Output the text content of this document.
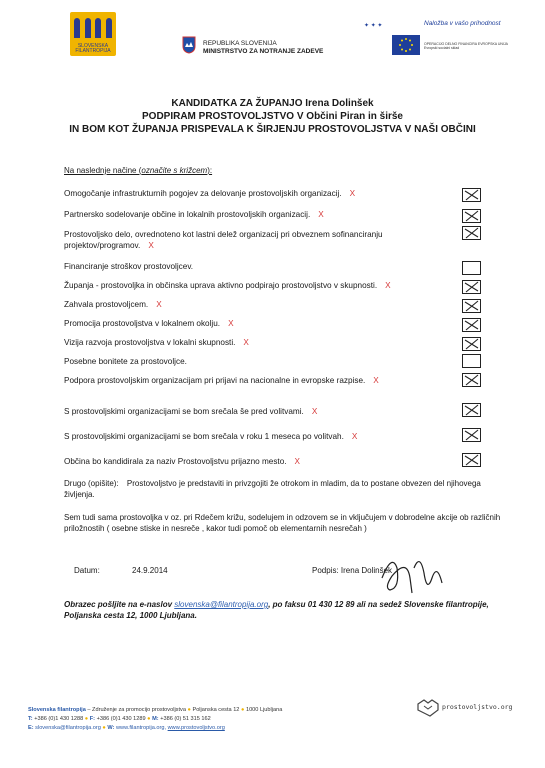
SLOVENSKA FILANTROPIJA
REPUBLIKA SLOVENIJA
MINISTRSTVO ZA NOTRANJE ZADEVE
✦ ✦ ✦	Naložba v vašo prihodnost
OPERACIJO DELNO FINANCIRA EVROPSKA UNIJA
Evropski socialni sklad
KANDIDATKA ZA ŽUPANJO Irena Dolinšek
PODPIRAM PROSTOVOLJSTVO V Občini Piran in širše
IN BOM KOT ŽUPANJA PRISPEVALA K ŠIRJENJU PROSTOVOLJSTVA V NAŠI OBČINI
Na naslednje načine (označite s križcem):
Omogočanje infrastrukturnih pogojev za delovanje prostovoljskih organizacij. X
Partnersko sodelovanje občine in lokalnih prostovoljskih organizacij. X
Prostovoljsko delo, ovrednoteno kot lastni delež organizacij pri obveznem sofinanciranju projektov/programov. X
Financiranje stroškov prostovoljcev.
Županja - prostovoljka in občinska uprava aktivno podpirajo prostovoljstvo v skupnosti. X
Zahvala prostovoljcem. X
Promocija prostovoljstva v lokalnem okolju. X
Vizija razvoja prostovoljstva v lokalni skupnosti. X
Posebne bonitete za prostovoljce.
Podpora prostovoljskim organizacijam pri prijavi na nacionalne in evropske razpise. X
S prostovoljskimi organizacijami se bom srečala še pred volitvami. X
S prostovoljskimi organizacijami se bom srečala v roku 1 meseca po volitvah. X
Občina bo kandidirala za naziv Prostovoljstvu prijazno mesto. X
Drugo (opišite): Prostovoljstvo je predstaviti in privzgojiti že otrokom in mladim, da to postane obvezen del njihovega življenja.
Sem tudi sama prostovoljka v oz. pri Rdečem križu, sodelujem in odzovem se in vključujem v dobrodelne akcije ob različnih priložnostih ( osebne stiske in nesreče , kakor tudi pomoč ob elementarnih nesrečah )
Datum:	24.9.2014	Podpis: Irena Dolinšek
Obrazec pošljite na e-naslov slovenska@filantropija.org, po faksu 01 430 12 89 ali na sedež Slovenske filantropije, Poljanska cesta 12, 1000 Ljubljana.
Slovenska filantropija – Združenje za promocijo prostovoljstva ● Poljanska cesta 12 ● 1000 Ljubljana
T: +386 (0)1 430 1288 ● F: +386 (0)1 430 1289 ● M: +386 (0) 51 315 162
E: slovenska@filantropija.org ● W: www.filantropija.org, www.prostovoljstvo.org
prostovoljstvo.org
